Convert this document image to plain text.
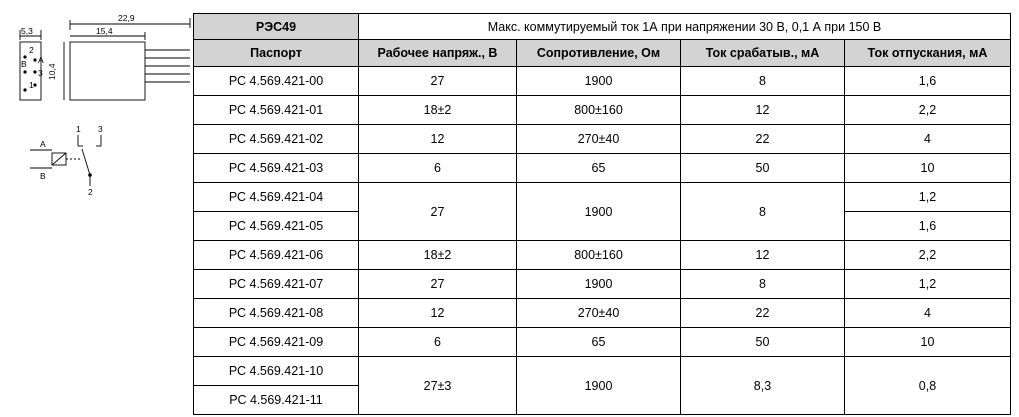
5,3
22,9
15,4
10,4
2
A
B
3
1
1 3
2
A
B
РЭС49	Макс. коммутируемый ток 1А при напряжении 30 В, 0,1 А при 150 В			
Паспорт	Рабочее напряж., В	Сопротивление, Ом	Ток срабатыв., мА	Ток отпускания, мА
РС 4.569.421-00	27	1900	8	1,6
РС 4.569.421-01	18±2	800±160	12	2,2
РС 4.569.421-02	12	270±40	22	4
РС 4.569.421-03	6	65	50	10
РС 4.569.421-04	27	1900	8	1,2
РС 4.569.421-05				1,6
РС 4.569.421-06	18±2	800±160	12	2,2
РС 4.569.421-07	27	1900	8	1,2
РС 4.569.421-08	12	270±40	22	4
РС 4.569.421-09	6	65	50	10
РС 4.569.421-10	27±3	1900	8,3	0,8
РС 4.569.421-11				
